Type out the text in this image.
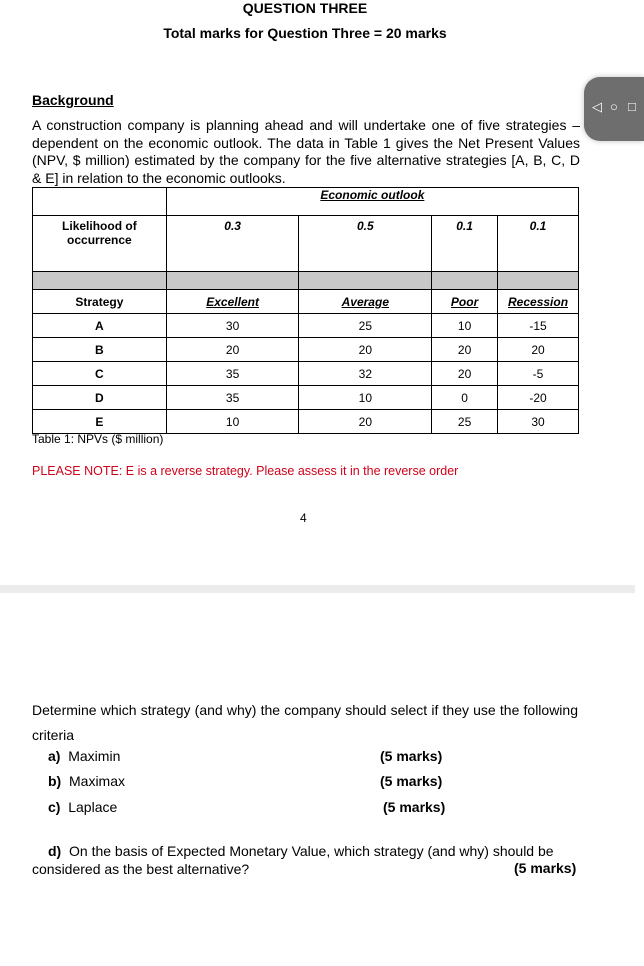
QUESTION THREE
Total marks for Question Three = 20 marks
Background
A construction company is planning ahead and will undertake one of five strategies – dependent on the economic outlook. The data in Table 1 gives the Net Present Values (NPV, $ million) estimated by the company for the five alternative strategies [A, B, C, D & E] in relation to the economic outlooks.
◁ ○ □
	Economic outlook			
Likelihood of occurrence	0.3	0.5	0.1	0.1

Strategy	Excellent	Average	Poor	Recession
A	30	25	10	-15
B	20	20	20	20
C	35	32	20	-5
D	35	10	0	-20
E	10	20	25	30
Table 1: NPVs ($ million)
PLEASE NOTE: E is a reverse strategy. Please assess it in the reverse order
4
Determine which strategy (and why) the company should select if they use the following criteria
a) Maximin	(5 marks)
b) Maximax	(5 marks)
c) Laplace	(5 marks)
d) On the basis of Expected Monetary Value, which strategy (and why) should be considered as the best alternative?	(5 marks)
